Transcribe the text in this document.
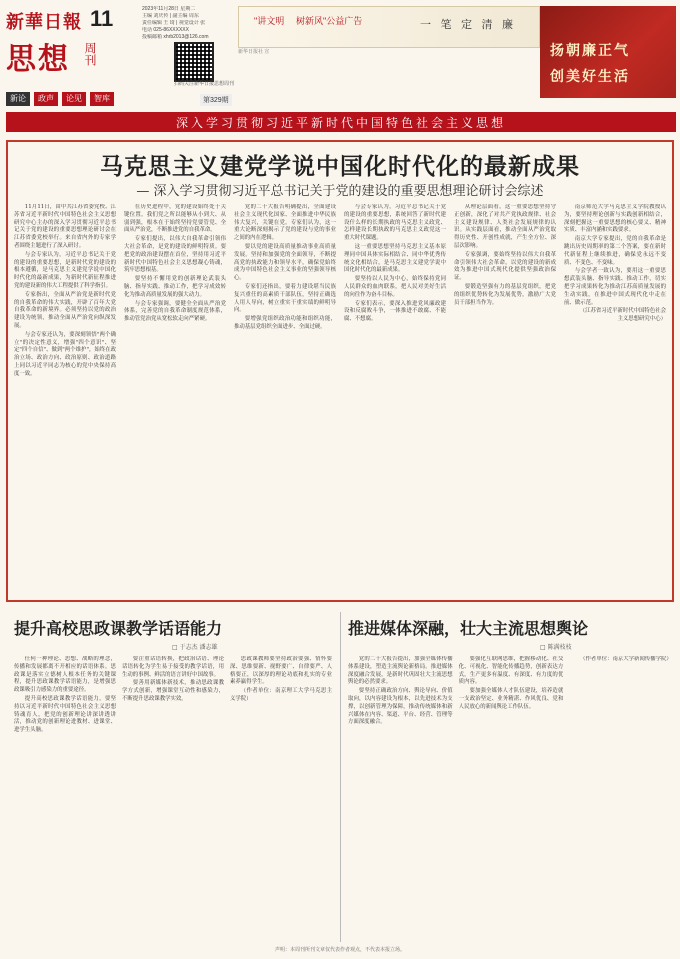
新華日報 11	2023年11月28日 星期二
主编 刘庆传 | 副主编 周东
责任编辑 王 琦 | 视觉设计 张
电话 025-86XXXXXX
投稿邮箱 xhrb2013@126.com
扫码关注新华日报思想周刊
思想 周刊
新论	政声	论见	智库	第329期
"讲文明 树新风"公益广告	一 笔 定 清 廉
新华日报社 宣	扬朝廉正气
创美好生活
深入学习贯彻习近平新时代中国特色社会主义思想
马克思主义建党学说中国化时代化的最新成果
— 深入学习贯彻习近平总书记关于党的建设的重要思想理论研讨会综述

11月11日，由中共江苏省委党校、江苏省习近平新时代中国特色社会主义思想研究中心主办的深入学习贯彻习近平总书记关于党的建设的重要思想理论研讨会在江苏省委党校举行。来自省内外的专家学者围绕主题进行了深入研讨。

与会专家认为，习近平总书记关于党的建设的重要思想，是新时代党的建设的根本遵循，是马克思主义建党学说中国化时代化的最新成果，为新时代新征程推进党的建设新的伟大工程提供了科学指引。

专家指出，全面从严治党是新时代党的自我革命的伟大实践，开辟了百年大党自我革命的新境界。必须坚持以党的政治建设为统领，推动全面从严治党向纵深发展。

与会专家还认为，要深刻领悟"两个确立"的决定性意义，增强"四个意识"、坚定"四个自信"、做到"两个维护"，始终在政治立场、政治方向、政治原则、政治道路上同以习近平同志为核心的党中央保持高度一致。

在历史进程中，党的建设始终处于关键位置。我们党之所以能够从小到大、从弱到强，根本在于始终坚持党要管党、全面从严治党，不断推进党的自我革命。

专家们提出，以伟大自我革命引领伟大社会革命，是党的建设的鲜明特质。要把党的政治建设摆在首位，坚持用习近平新时代中国特色社会主义思想凝心铸魂，筑牢思想根基。

要坚持不懈用党的创新理论武装头脑、指导实践、推动工作，把学习成效转化为推动高质量发展的强大动力。

与会专家强调，要健全全面从严治党体系，完善党的自我革命制度规范体系，推动管党治党从宽松软走向严紧硬。

党的二十大报告明确提出，全面建设社会主义现代化国家、全面推进中华民族伟大复兴，关键在党。专家们认为，这一重大论断深刻揭示了党的建设与党的事业之间的内在逻辑。

要以党的建设高质量推动事业高质量发展。坚持和加强党的全面领导，不断提高党的执政能力和领导水平，确保党始终成为中国特色社会主义事业的坚强领导核心。

专家们还指出，要着力建设堪当民族复兴重任的高素质干部队伍，坚持正确选人用人导向，树立重实干重实绩的鲜明导向。

要增强党组织政治功能和组织功能，推动基层党组织全面进步、全面过硬。

与会专家认为，习近平总书记关于党的建设的重要思想，系统回答了新时代建设什么样的长期执政的马克思主义政党、怎样建设长期执政的马克思主义政党这一重大时代课题。

这一重要思想坚持马克思主义基本原理同中国具体实际相结合、同中华优秀传统文化相结合，是马克思主义建党学说中国化时代化的最新成果。

要坚持以人民为中心，始终保持党同人民群众的血肉联系，把人民对美好生活的向往作为奋斗目标。

专家们表示，要深入推进党风廉政建设和反腐败斗争，一体推进不敢腐、不能腐、不想腐。

从理论层面看，这一重要思想坚持守正创新，深化了对共产党执政规律、社会主义建设规律、人类社会发展规律的认识。从实践层面看，推动全面从严治党取得历史性、开创性成就，产生全方位、深层次影响。

专家强调，要始终坚持以伟大自我革命引领伟大社会革命，以党的建设的新成效为推进中国式现代化提供坚强政治保证。

要锻造坚强有力的基层党组织，把党的组织优势转化为发展优势，激励广大党员干部担当作为。

南京师范大学马克思主义学院教授认为，要坚持理论创新与实践创新相结合，深刻把握这一重要思想的核心要义、精神实质、丰富内涵和实践要求。

南京大学专家提出，党的自我革命是跳出历史周期率的第二个答案，要在新时代新征程上继续推进，确保党永远不变质、不变色、不变味。

与会学者一致认为，要用这一重要思想武装头脑、指导实践、推动工作，切实把学习成果转化为推动江苏高质量发展的生动实践，在推进中国式现代化中走在前、做示范。

（江苏省习近平新时代中国特色社会主义思想研究中心）

提升高校思政课教学话语能力
□ 于志杰 潘志雄

任何一种理论、思想、战略的理念，传播和发展都离不开相应的话语体系。思政课是落实立德树人根本任务的关键课程，提升思政课教学话语能力，是增强思政课吸引力感染力的重要途径。

提升高校思政课教学话语能力，要坚持以习近平新时代中国特色社会主义思想铸魂育人，把党的创新理论讲深讲透讲活，推动党的创新理论进教材、进课堂、进学生头脑。

要注重话语转换，把政治话语、理论话语转化为学生易于接受的教学话语，用生动的事例、鲜活的语言讲好中国故事。

要善用新媒体新技术，推动思政课教学方式创新，增强课堂互动性和感染力，不断提升思政课教学实效。

思政课教师要坚持政治要强、情怀要深、思维要新、视野要广、自律要严、人格要正，以深厚的理论功底和扎实的专业素养赢得学生。

（作者单位：南京理工大学马克思主义学院）

推进媒体深融，壮大主流思想舆论
□ 陈满枝枝

党的二十大报告提出，加强全媒体传播体系建设，塑造主流舆论新格局。推进媒体深度融合发展，是新时代巩固壮大主流思想舆论的必然要求。

要坚持正确政治方向、舆论导向、价值取向，以内容建设为根本，以先进技术为支撑，以创新管理为保障，推动传统媒体和新兴媒体在内容、渠道、平台、经营、管理等方面深度融合。

要强化互联网思维，把握移动化、社交化、可视化、智能化传播趋势，创新表达方式，生产更多有温度、有深度、有力度的优质内容。

要加强全媒体人才队伍建设，培养造就一支政治坚定、业务精湛、作风优良、党和人民放心的新闻舆论工作队伍。

（作者单位：南京大学新闻传播学院）

声明：本周刊所刊文章仅代表作者观点，不代表本报立场。
